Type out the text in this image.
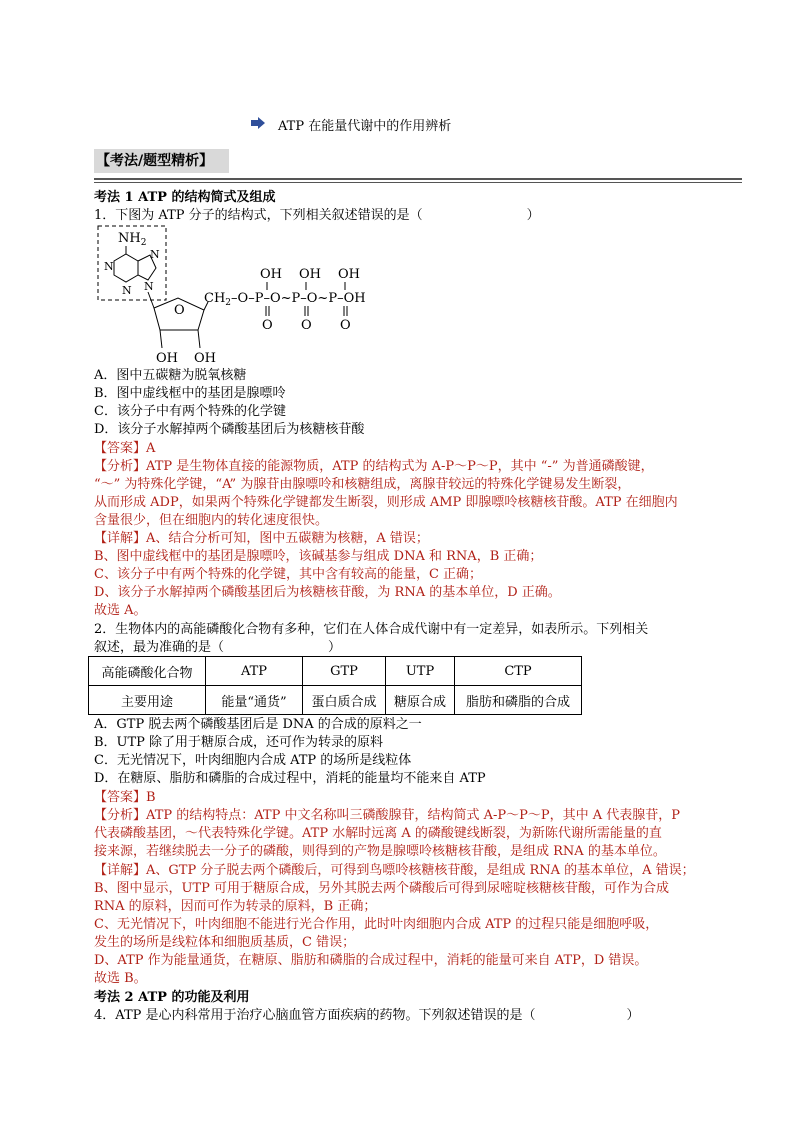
ATP 在能量代谢中的作用辨析
【考法/题型精析】
考法 1 ATP 的结构简式及组成
1．下图为 ATP 分子的结构式，下列相关叙述错误的是（　　　　　　　　）
$NH_2$
N
N
N
N
O
OH OH
$CH_2-O-P-O\sim P-O\sim P-OH$
OH OH OH
O O O
A．图中五碳糖为脱氧核糖
B．图中虚线框中的基团是腺嘌呤
C．该分子中有两个特殊的化学键
D．该分子水解掉两个磷酸基团后为核糖核苷酸
【答案】A
【分析】ATP 是生物体直接的能源物质，ATP 的结构式为 A-P～P～P，其中 “-” 为普通磷酸键，
“～” 为特殊化学键，“A” 为腺苷由腺嘌呤和核糖组成，离腺苷较远的特殊化学键易发生断裂，
从而形成 ADP，如果两个特殊化学键都发生断裂，则形成 AMP 即腺嘌呤核糖核苷酸。ATP 在细胞内
含量很少，但在细胞内的转化速度很快。
【详解】A、结合分析可知，图中五碳糖为核糖，A 错误；
B、图中虚线框中的基团是腺嘌呤，该碱基参与组成 DNA 和 RNA，B 正确；
C、该分子中有两个特殊的化学键，其中含有较高的能量，C 正确；
D、该分子水解掉两个磷酸基团后为核糖核苷酸，为 RNA 的基本单位，D 正确。
故选 A。
2．生物体内的高能磷酸化合物有多种，它们在人体合成代谢中有一定差异，如表所示。下列相关
叙述，最为准确的是（　　　　　　　　）
高能磷酸化合物	ATP	GTP	UTP	CTP
主要用途	能量“通货”	蛋白质合成	糖原合成	脂肪和磷脂的合成
A．GTP 脱去两个磷酸基团后是 DNA 的合成的原料之一
B．UTP 除了用于糖原合成，还可作为转录的原料
C．无光情况下，叶肉细胞内合成 ATP 的场所是线粒体
D．在糖原、脂肪和磷脂的合成过程中，消耗的能量均不能来自 ATP
【答案】B
【分析】ATP 的结构特点：ATP 中文名称叫三磷酸腺苷，结构简式 A-P～P～P，其中 A 代表腺苷，P
代表磷酸基团，～代表特殊化学键。ATP 水解时远离 A 的磷酸键线断裂，为新陈代谢所需能量的直
接来源，若继续脱去一分子的磷酸，则得到的产物是腺嘌呤核糖核苷酸，是组成 RNA 的基本单位。
【详解】A、GTP 分子脱去两个磷酸后，可得到鸟嘌呤核糖核苷酸，是组成 RNA 的基本单位，A 错误；
B、图中显示，UTP 可用于糖原合成，另外其脱去两个磷酸后可得到尿嘧啶核糖核苷酸，可作为合成
RNA 的原料，因而可作为转录的原料，B 正确；
C、无光情况下，叶肉细胞不能进行光合作用，此时叶肉细胞内合成 ATP 的过程只能是细胞呼吸，
发生的场所是线粒体和细胞质基质，C 错误；
D、ATP 作为能量通货，在糖原、脂肪和磷脂的合成过程中，消耗的能量可来自 ATP，D 错误。
故选 B。
考法 2 ATP 的功能及利用
4．ATP 是心内科常用于治疗心脑血管方面疾病的药物。下列叙述错误的是（　　　　　　　）
